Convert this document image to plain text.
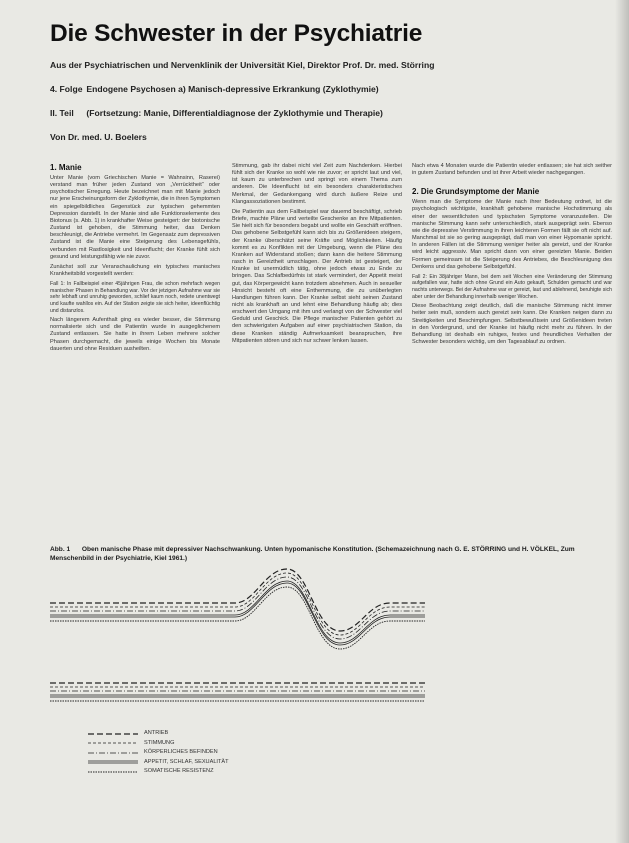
Die Schwester in der Psychiatrie
Aus der Psychiatrischen und Nervenklinik der Universität Kiel, Direktor Prof. Dr. med. Störring
4. Folge Endogene Psychosen a) Manisch-depressive Erkrankung (Zyklothymie)
II. Teil (Fortsetzung: Manie, Differentialdiagnose der Zyklothymie und Therapie)
Von Dr. med. U. Boelers
1. Manie

Unter Manie (vom Griechischen Manie = Wahnsinn, Raserei) verstand man früher jeden Zustand von „Verrücktheit“ oder psychotischer Erregung. Heute bezeichnet man mit Manie jedoch nur jene Erscheinungsform der Zyklothymie, die in ihren Symptomen ein spiegelbildliches Gegenstück zur typischen gehemmten Depression darstellt. In der Manie sind alle Funktionselemente des Biotonus (s. Abb. 1) in krankhafter Weise gesteigert: der biotonische Zustand ist gehoben, die Stimmung heiter, das Denken beschleunigt, die Antriebe vermehrt. Im Gegensatz zum depressiven Zustand ist die Manie eine Steigerung des Lebensgefühls, verbunden mit Rastlosigkeit und Ideenflucht; der Kranke fühlt sich gesund und leistungsfähig wie nie zuvor.

Zunächst soll zur Veranschaulichung ein typisches manisches Krankheitsbild vorgestellt werden:

Fall 1: In Fallbeispiel einer 45jährigen Frau, die schon mehrfach wegen manischer Phasen in Behandlung war. Vor der jetzigen Aufnahme war sie sehr lebhaft und unruhig geworden, schlief kaum noch, redete unentwegt und kaufte wahllos ein. Auf der Station zeigte sie sich heiter, ideenflüchtig und distanzlos.

Nach längerem Aufenthalt ging es wieder besser, die Stimmung normalisierte sich und die Patientin wurde in ausgeglichenem Zustand entlassen. Sie hatte in ihrem Leben mehrere solcher Phasen durchgemacht, die jeweils einige Wochen bis Monate dauerten und ohne Residuen ausheilten.

Stimmung, gab ihr dabei nicht viel Zeit zum Nachdenken. Hierbei fühlt sich der Kranke so wohl wie nie zuvor; er spricht laut und viel, ist kaum zu unterbrechen und springt von einem Thema zum anderen. Die Ideenflucht ist ein besonders charakteristisches Merkmal, der Gedankengang wird durch äußere Reize und Klangassoziationen bestimmt.

Die Patientin aus dem Fallbeispiel war dauernd beschäftigt, schrieb Briefe, machte Pläne und verteilte Geschenke an ihre Mitpatienten. Sie hielt sich für besonders begabt und wollte ein Geschäft eröffnen. Das gehobene Selbstgefühl kann sich bis zu Größenideen steigern, der Kranke überschätzt seine Kräfte und Möglichkeiten. Häufig kommt es zu Konflikten mit der Umgebung, wenn die Pläne des Kranken auf Widerstand stoßen; dann kann die heitere Stimmung rasch in Gereiztheit umschlagen. Der Antrieb ist gesteigert, der Kranke ist unermüdlich tätig, ohne jedoch etwas zu Ende zu bringen. Das Schlafbedürfnis ist stark vermindert, der Appetit meist gut, das Körpergewicht kann trotzdem abnehmen. Auch in sexueller Hinsicht besteht oft eine Enthemmung, die zu unüberlegten Handlungen führen kann. Der Kranke selbst sieht seinen Zustand nicht als krankhaft an und lehnt eine Behandlung häufig ab; dies erschwert den Umgang mit ihm und verlangt von der Schwester viel Geduld und Geschick. Die Pflege manischer Patienten gehört zu den schwierigsten Aufgaben auf einer psychiatrischen Station, da diese Kranken ständig Aufmerksamkeit beanspruchen, ihre Mitpatienten stören und sich nur schwer lenken lassen.

Nach etwa 4 Monaten wurde die Patientin wieder entlassen; sie hat sich seither in gutem Zustand befunden und ist ihrer Arbeit wieder nachgegangen.

2. Die Grundsymptome der Manie

Wenn man die Symptome der Manie nach ihrer Bedeutung ordnet, ist die psychologisch wichtigste, krankhaft gehobene manische Hochstimmung als einer der wesentlichsten und typischsten Symptome voranzustellen. Die manische Stimmung kann sehr unterschiedlich, stark ausgeprägt sein. Ebenso wie die depressive Verstimmung in ihren leichteren Formen fällt sie oft nicht auf. Manchmal ist sie so gering ausgeprägt, daß man von einer Hypomanie spricht. In anderen Fällen ist die Stimmung weniger heiter als gereizt, und der Kranke wird leicht aggressiv. Man spricht dann von einer gereizten Manie. Beiden Formen gemeinsam ist die Steigerung des Antriebes, die Beschleunigung des Denkens und das gehobene Selbstgefühl.

Fall 2: Ein 38jähriger Mann, bei dem seit Wochen eine Veränderung der Stimmung aufgefallen war, hatte sich ohne Grund ein Auto gekauft, Schulden gemacht und war nachts unterwegs. Bei der Aufnahme war er gereizt, laut und ablehnend, beruhigte sich aber unter der Behandlung innerhalb weniger Wochen.

Diese Beobachtung zeigt deutlich, daß die manische Stimmung nicht immer heiter sein muß, sondern auch gereizt sein kann. Die Kranken neigen dann zu Streitigkeiten und Beschimpfungen. Selbstbewußtsein und Größenideen treten in den Vordergrund, und der Kranke ist häufig nicht mehr zu führen. In der Behandlung ist deshalb ein ruhiges, festes und freundliches Verhalten der Schwester besonders wichtig, um den Tagesablauf zu ordnen.

Abb. 1 Oben manische Phase mit depressiver Nachschwankung. Unten hypomanische Konstitution. (Schemazeichnung nach G. E. STÖRRING und H. VÖLKEL, Zum Menschenbild in der Psychiatrie, Kiel 1961.)
ANTRIEB
STIMMUNG
KÖRPERLICHES BEFINDEN
APPETIT, SCHLAF, SEXUALITÄT
SOMATISCHE RESISTENZ
